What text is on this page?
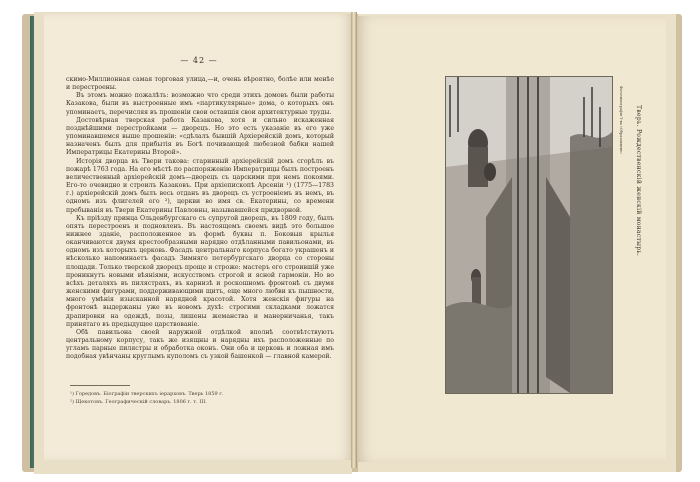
— 42 —

скимо-Миллионная самая торговая улица,—и, очень вѣроятно, болѣе или менѣе и перестроены.

Въ этомъ можно пожалѣть: возможно что среди этихъ домовъ были работы Казакова, были въ выстроенные имъ «партикулярные» дома, о которыхъ онъ упоминаетъ, перечисляя въ прошеніи свои оставшія свои архитектурные труды.

Достовѣрная тверская работа Казакова, хотя и сильно искаженная позднѣйшими перестройками — дворецъ. Но это есть указаніе въ его уже упоминавшемся выше прошеніи: «сдѣлалъ бывшій Архіерейскій домъ, который назначенъ былъ для прибытія въ Богѣ почивающей любезной бабки нашей Императрицы Екатерины Второй».

Исторія дворца въ Твери такова: старинный архіерейскій домъ сгорѣлъ въ пожарѣ 1763 года. На его мѣстѣ по распоряженію Императрицы былъ построенъ величественный архіерейскій домъ—дворецъ съ царскими при немъ покоями. Его-то очевидно и строилъ Казаковъ. При архіепископѣ Арсеніи ¹) (1775—1783 г.) архіерейскій домъ былъ весь отданъ въ дворецъ съ устроеніемъ въ немъ, въ одномъ изъ флигелей его ²), церкви во имя св. Екатерины, со времени пребыванія въ Твери Екатерины Павловны, называвшейся придворной.

Къ пріѣзду принца Ольденбургскаго съ супругой дворецъ, въ 1809 году, былъ опять перестроенъ и подновленъ. Въ настоящемъ своемъ видѣ это большое нижнее зданіе, расположенное въ формѣ буквы п. Боковыя крылья оканчиваются двумя крестообразными нарядно отдѣланными павильонами, въ одномъ изъ которыхъ церковь. Фасадъ центральнаго корпуса богато украшенъ и нѣсколько напоминаетъ фасадъ Зимняго петербургскаго дворца со стороны площади. Только тверской дворецъ проще и строже: мастеръ его строившій уже проникнутъ новыми вѣяніями, искусствомъ строгой и ясной гармоніи. Но во всѣхъ деталяхъ въ пилястрахъ, въ карнизѣ и роскошномъ фронтонѣ съ двумя женскими фигурами, поддерживающими щитъ, еще много любви къ пышности, много умѣнія изысканной нарядной красотой. Хотя женскія фигуры на фронтонѣ выдержаны уже въ новомъ духѣ: строгими складками ложатся драпировки на одеждѣ, позы, лишены жеманства и манерничанья, такъ принятаго въ предыдущее царствованіе.

Обѣ павильона своей наружной отдѣлкой вполнѣ соотвѣтствуютъ центральному корпусу, такъ же изящны и нарядны ихъ расположенные по угламъ парные пилястры и обработка оконъ. Они оба и церковь и ложная имъ подобная увѣнчаны круглымъ куполомъ съ узкой башенкой — главной камерой.

¹) Горедовъ. Біографіи тверскихъ іерарховъ. Тверь 1859 г.
²) Щекотовъ. Географическій словарь. 1806 г. т. III.
Фототипографія Т-ва «Образование»	Тверь. Рождественскій женскій монастырь.
